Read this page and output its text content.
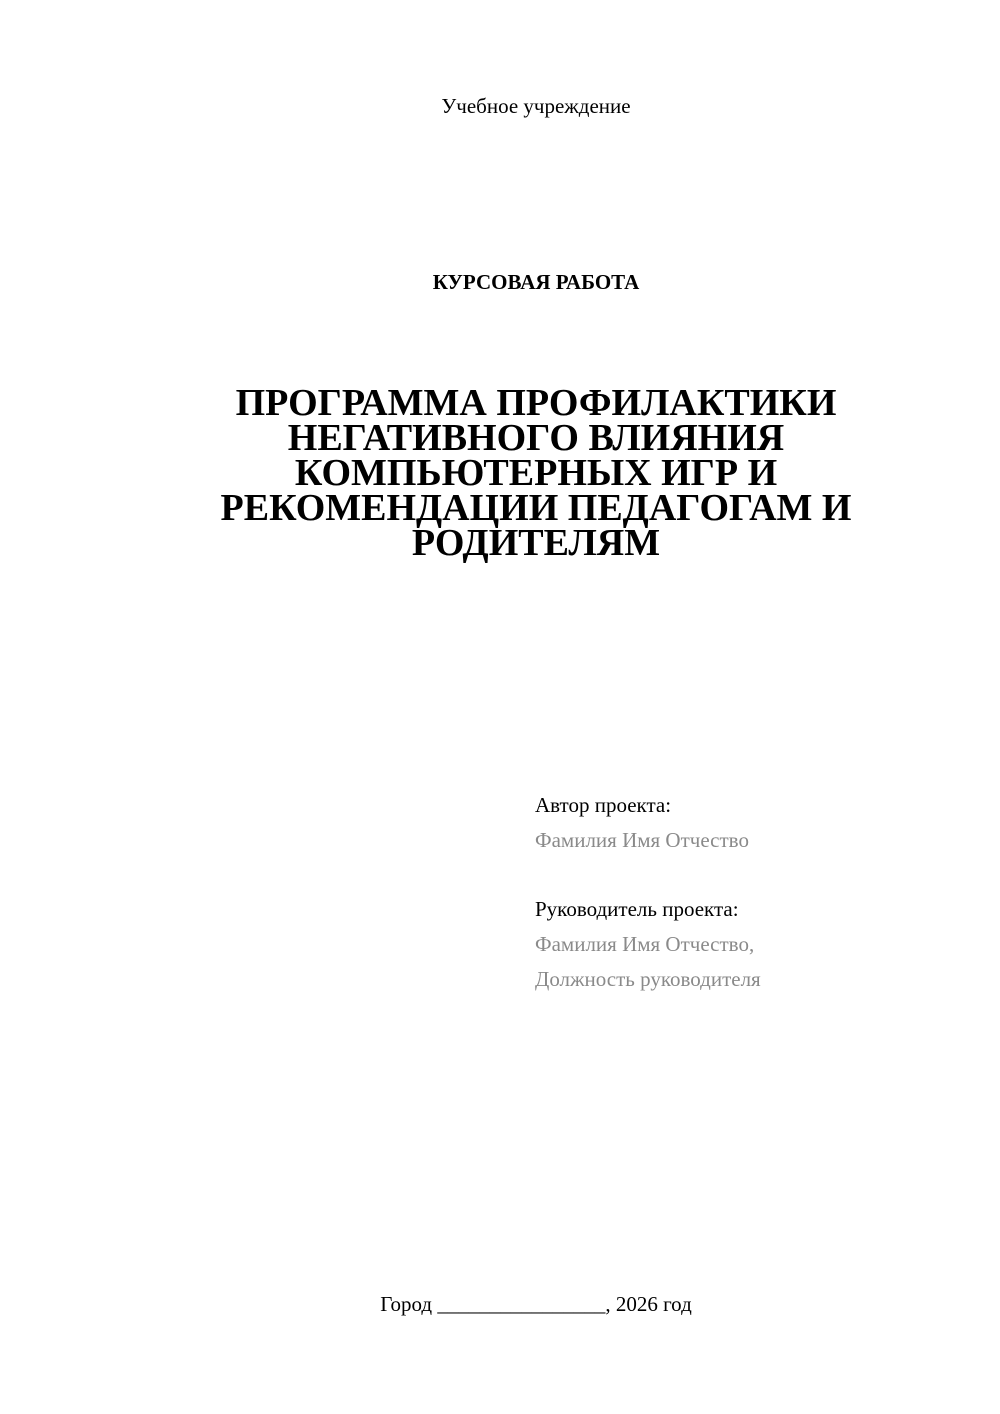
Учебное учреждение
КУРСОВАЯ РАБОТА
ПРОГРАММА ПРОФИЛАКТИКИ
НЕГАТИВНОГО ВЛИЯНИЯ
КОМПЬЮТЕРНЫХ ИГР И
РЕКОМЕНДАЦИИ ПЕДАГОГАМ И
РОДИТЕЛЯМ
Автор проекта:
Фамилия Имя Отчество
Руководитель проекта:
Фамилия Имя Отчество,
Должность руководителя
Город ________________, 2026 год
